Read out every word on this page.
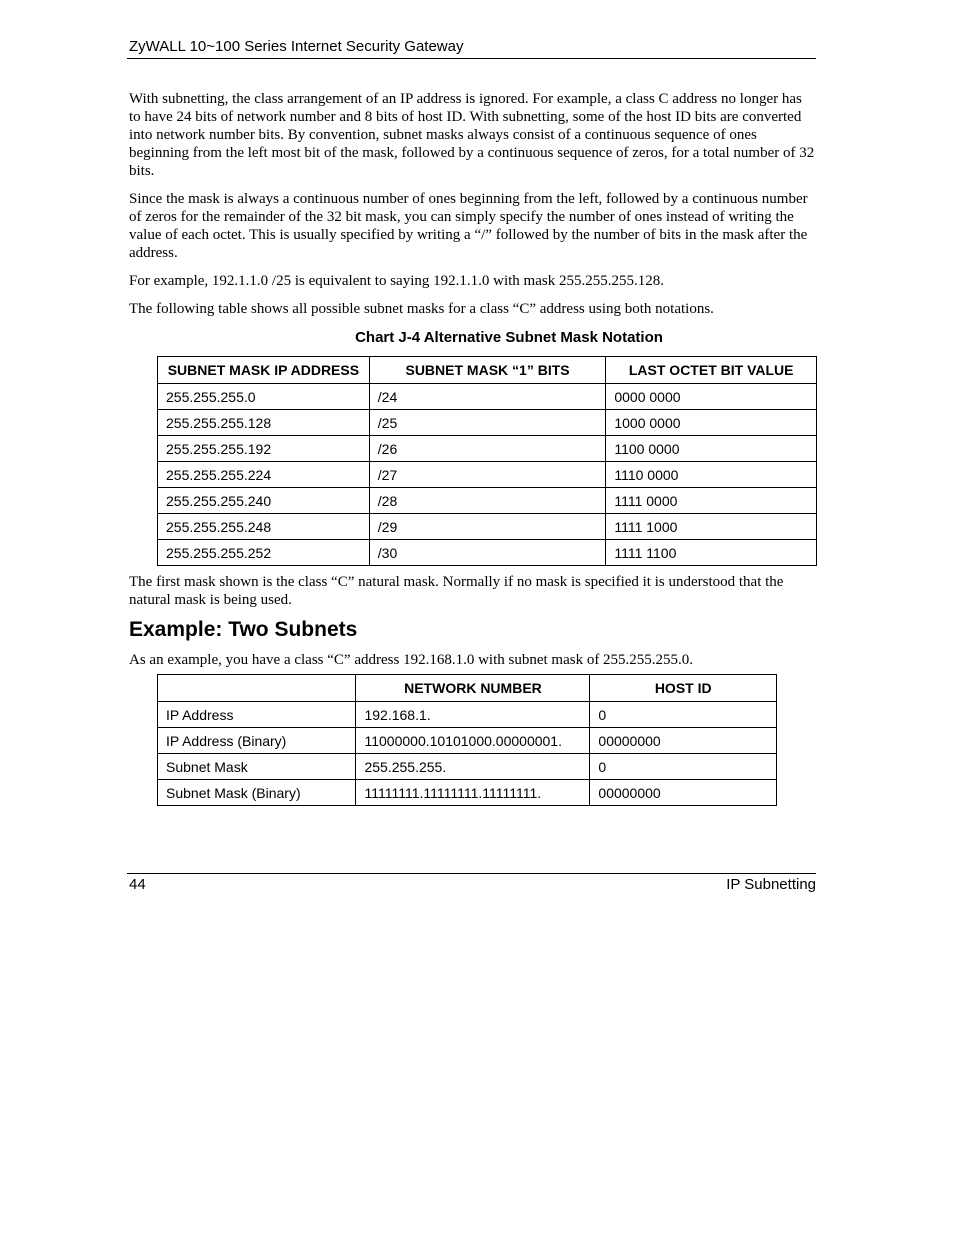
ZyWALL 10~100 Series Internet Security Gateway

With subnetting, the class arrangement of an IP address is ignored. For example, a class C address no longer has to have 24 bits of network number and 8 bits of host ID. With subnetting, some of the host ID bits are converted into network number bits. By convention, subnet masks always consist of a continuous sequence of ones beginning from the left most bit of the mask, followed by a continuous sequence of zeros, for a total number of 32 bits.

Since the mask is always a continuous number of ones beginning from the left, followed by a continuous number of zeros for the remainder of the 32 bit mask, you can simply specify the number of ones instead of writing the value of each octet. This is usually specified by writing a “/” followed by the number of bits in the mask after the address.

For example, 192.1.1.0 /25 is equivalent to saying 192.1.1.0 with mask 255.255.255.128.

The following table shows all possible subnet masks for a class “C” address using both notations.

Chart J-4 Alternative Subnet Mask Notation
SUBNET MASK IP ADDRESS	SUBNET MASK “1” BITS	LAST OCTET BIT VALUE
255.255.255.0	/24	0000 0000
255.255.255.128	/25	1000 0000
255.255.255.192	/26	1100 0000
255.255.255.224	/27	1110 0000
255.255.255.240	/28	1111 0000
255.255.255.248	/29	1111 1000
255.255.255.252	/30	1111 1100
The first mask shown is the class “C” natural mask. Normally if no mask is specified it is understood that the natural mask is being used.
Example: Two Subnets
As an example, you have a class “C” address 192.168.1.0 with subnet mask of 255.255.255.0.
	NETWORK NUMBER	HOST ID
IP Address	192.168.1.	0
IP Address (Binary)	11000000.10101000.00000001.	00000000
Subnet Mask	255.255.255.	0
Subnet Mask (Binary)	11111111.11111111.11111111.	00000000
44	IP Subnetting
